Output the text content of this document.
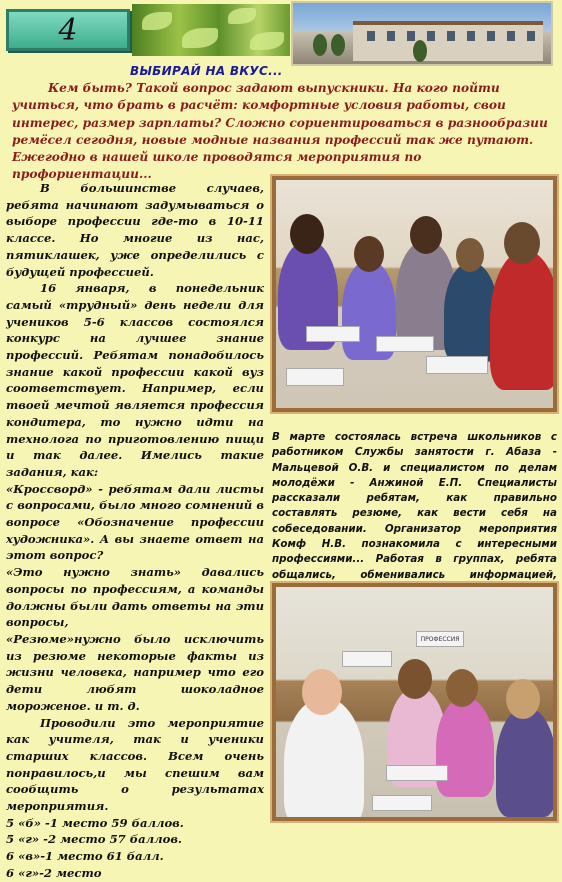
4
ВЫБИРАЙ НА ВКУС...

Кем быть? Такой вопрос задают выпускники. На кого пойти учиться, что брать в расчёт: комфортные условия работы, свои интерес, размер зарплаты? Сложно сориентироваться в разнообразии ремёсел сегодня, новые модные названия профессий так же путают. Ежегодно в нашей школе проводятся мероприятия по профориентации...

В большинстве случаев, ребята начинают задумываться о выборе профессии где-то в 10-11 классе. Но многие из нас, пятиклашек, уже определились с будущей профессией.

16 января, в понедельник самый «трудный» день недели для учеников 5-6 классов состоялся конкурс на лучшее знание профессий. Ребятам понадобилось знание какой профессии какой вуз соответствует. Например, если твоей мечтой является профессия кондитера, то нужно идти на технолога по приготовлению пищи и так далее. Имелись такие задания, как:

«Кроссворд» - ребятам дали листы с вопросами, было много сомнений в вопросе «Обозначение профессии художника». А вы знаете ответ на этот вопрос?

«Это нужно знать» давались вопросы по профессиям, а команды должны были дать ответы на эти вопросы,

«Резюме»нужно было исключить из резюме некоторые факты из жизни человека, например что его дети любят шоколадное мороженое. и т. д.

Проводили это мероприятие как учителя, так и ученики старших классов. Всем очень понравилось,и мы спешим вам сообщить о результатах мероприятия.

5 «б» -1 место 59 баллов.
5 «г» -2 место 57 баллов.
6 «в»-1 место 61 балл.
6 «г»-2 место

В марте состоялась встреча школьников с работником Службы занятости г. Абаза - Мальцевой О.В. и специалистом по делам молодёжи - Анжиной Е.П. Специалисты рассказали ребятам, как правильно составлять резюме, как вести себя на собеседовании. Организатор мероприятия Комф Н.В. познакомила с интересными профессиями... Работая в группах, ребята общались, обменивались информацией,

ПРОФЕССИЯ
